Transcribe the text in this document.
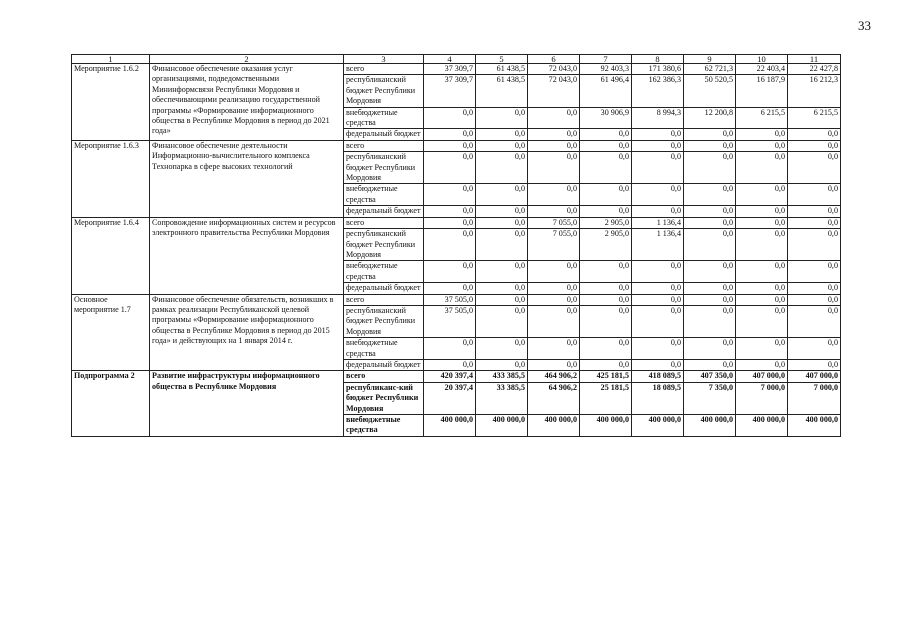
33
1	2	3	4	5	6	7	8	9	10	11
Мероприятие 1.6.2	Финансовое обеспечение оказания услуг организациями, подведомственными Мининформсвязи Республики Мордовия и обеспечивающими реализацию государственной программы «Формирование информационного общества в Республике Мордовия в период до 2021 года»	всего	37 309,7	61 438,5	72 043,0	92 403,3	171 380,6	62 721,3	22 403,4	22 427,8
		республиканский бюджет Республики Мордовия	37 309,7	61 438,5	72 043,0	61 496,4	162 386,3	50 520,5	16 187,9	16 212,3
		внебюджетные средства	0,0	0,0	0,0	30 906,9	8 994,3	12 200,8	6 215,5	6 215,5
		федеральный бюджет	0,0	0,0	0,0	0,0	0,0	0,0	0,0	0,0
Мероприятие 1.6.3	Финансовое обеспечение деятельности Информационно-вычислительного комплекса Технопарка в сфере высоких технологий	всего	0,0	0,0	0,0	0,0	0,0	0,0	0,0	0,0
		республиканский бюджет Республики Мордовия	0,0	0,0	0,0	0,0	0,0	0,0	0,0	0,0
		внебюджетные средства	0,0	0,0	0,0	0,0	0,0	0,0	0,0	0,0
		федеральный бюджет	0,0	0,0	0,0	0,0	0,0	0,0	0,0	0,0
Мероприятие 1.6.4	Сопровождение информационных систем и ресурсов электронного правительства Республики Мордовия	всего	0,0	0,0	7 055,0	2 905,0	1 136,4	0,0	0,0	0,0
		республиканский бюджет Республики Мордовия	0,0	0,0	7 055,0	2 905,0	1 136,4	0,0	0,0	0,0
		внебюджетные средства	0,0	0,0	0,0	0,0	0,0	0,0	0,0	0,0
		федеральный бюджет	0,0	0,0	0,0	0,0	0,0	0,0	0,0	0,0
Основное мероприятие 1.7	Финансовое обеспечение обязательств, возникших в рамках реализации Республиканской целевой программы «Формирование информационного общества в Республике Мордовия в период до 2015 года» и действующих на 1 января 2014 г.	всего	37 505,0	0,0	0,0	0,0	0,0	0,0	0,0	0,0
		республиканский бюджет Республики Мордовия	37 505,0	0,0	0,0	0,0	0,0	0,0	0,0	0,0
		внебюджетные средства	0,0	0,0	0,0	0,0	0,0	0,0	0,0	0,0
		федеральный бюджет	0,0	0,0	0,0	0,0	0,0	0,0	0,0	0,0
Подпрограмма 2	Развитие инфраструктуры информационного общества в Республике Мордовия	всего	420 397,4	433 385,5	464 906,2	425 181,5	418 089,5	407 350,0	407 000,0	407 000,0
		республиканс-кий бюджет Республики Мордовия	20 397,4	33 385,5	64 906,2	25 181,5	18 089,5	7 350,0	7 000,0	7 000,0
		внебюджетные средства	400 000,0	400 000,0	400 000,0	400 000,0	400 000,0	400 000,0	400 000,0	400 000,0
